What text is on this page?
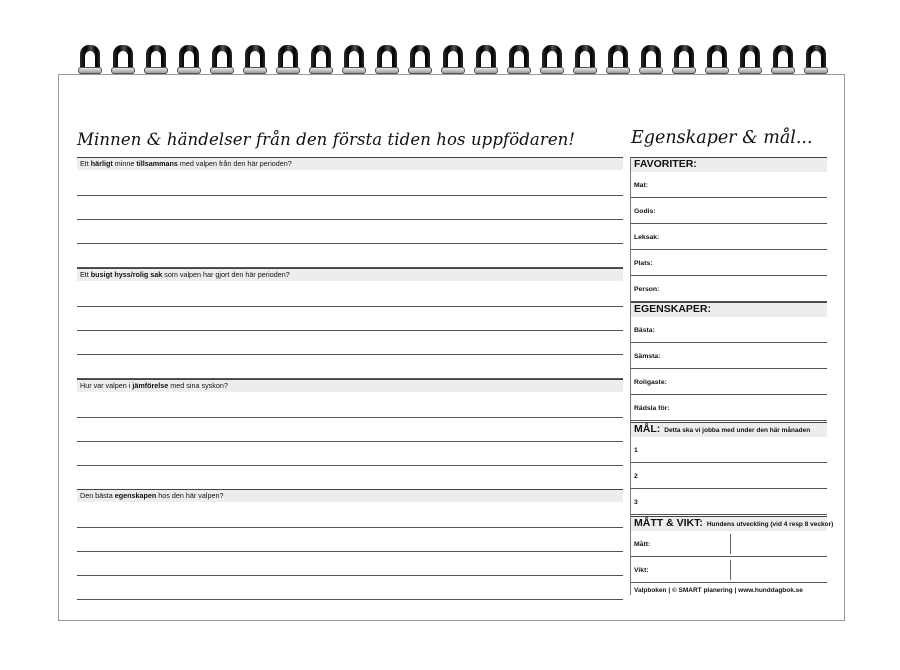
Minnen & händelser från den första tiden hos uppfödaren!	Egenskaper & mål...
Ett härligt minne tillsammans med valpen från den här perioden?
Ett busigt hyss/rolig sak som valpen har gjort den här perioden?
Hur var valpen i jämförelse med sina syskon?
Den bästa egenskapen hos den här valpen?
FAVORITER:
Mat:
Godis:
Leksak:
Plats:
Person:
EGENSKAPER:
Bästa:
Sämsta:
Roligaste:
Rädsla för:
MÅL: Detta ska vi jobba med under den här månaden
1
2
3
MÅTT & VIKT: Hundens utveckling (vid 4 resp 8 veckor)
Mått:
Vikt:
Valpboken | © SMART planering | www.hunddagbok.se
